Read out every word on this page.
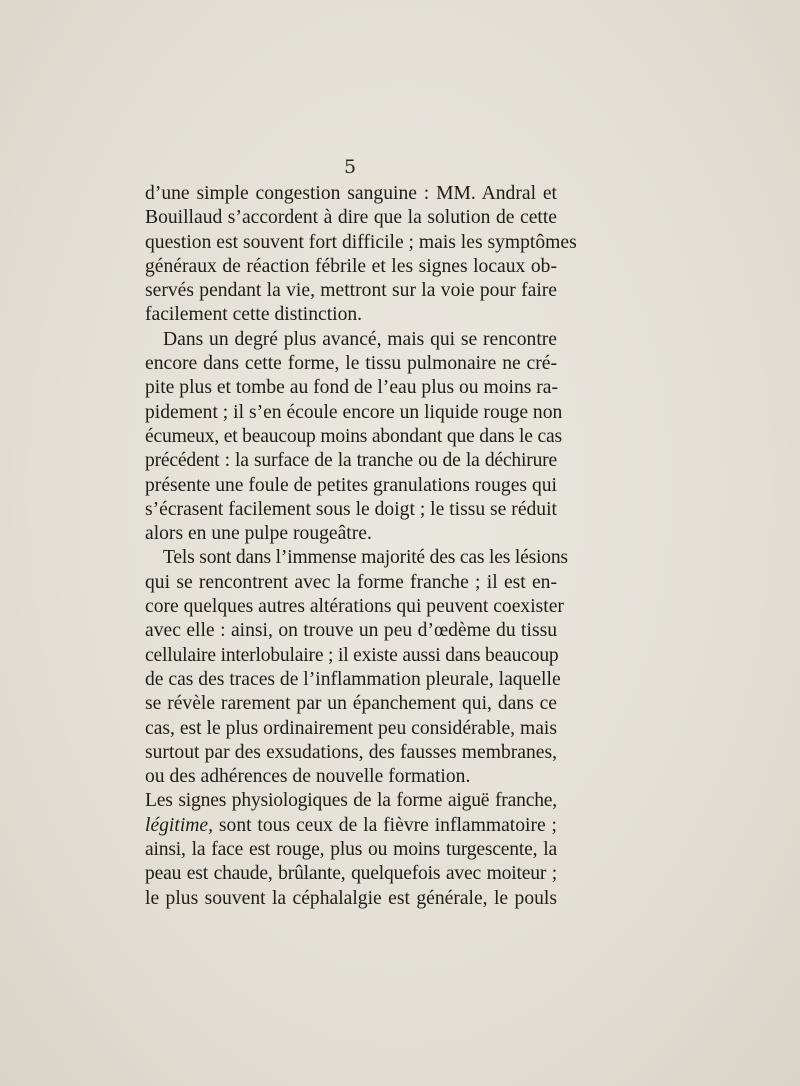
5
d’une simple congestion sanguine : MM. Andral et
Bouillaud s’accordent à dire que la solution de cette
question est souvent fort difficile ; mais les symptômes
généraux de réaction fébrile et les signes locaux ob-
servés pendant la vie, mettront sur la voie pour faire
facilement cette distinction.
Dans un degré plus avancé, mais qui se rencontre
encore dans cette forme, le tissu pulmonaire ne cré-
pite plus et tombe au fond de l’eau plus ou moins ra-
pidement ; il s’en écoule encore un liquide rouge non
écumeux, et beaucoup moins abondant que dans le cas
précédent : la surface de la tranche ou de la déchirure
présente une foule de petites granulations rouges qui
s’écrasent facilement sous le doigt ; le tissu se réduit
alors en une pulpe rougeâtre.
Tels sont dans l’immense majorité des cas les lésions
qui se rencontrent avec la forme franche ; il est en-
core quelques autres altérations qui peuvent coexister
avec elle : ainsi, on trouve un peu d’œdème du tissu
cellulaire interlobulaire ; il existe aussi dans beaucoup
de cas des traces de l’inflammation pleurale, laquelle
se révèle rarement par un épanchement qui, dans ce
cas, est le plus ordinairement peu considérable, mais
surtout par des exsudations, des fausses membranes,
ou des adhérences de nouvelle formation.
Les signes physiologiques de la forme aiguë franche,
légitime, sont tous ceux de la fièvre inflammatoire ;
ainsi, la face est rouge, plus ou moins turgescente, la
peau est chaude, brûlante, quelquefois avec moiteur ;
le plus souvent la céphalalgie est générale, le pouls
